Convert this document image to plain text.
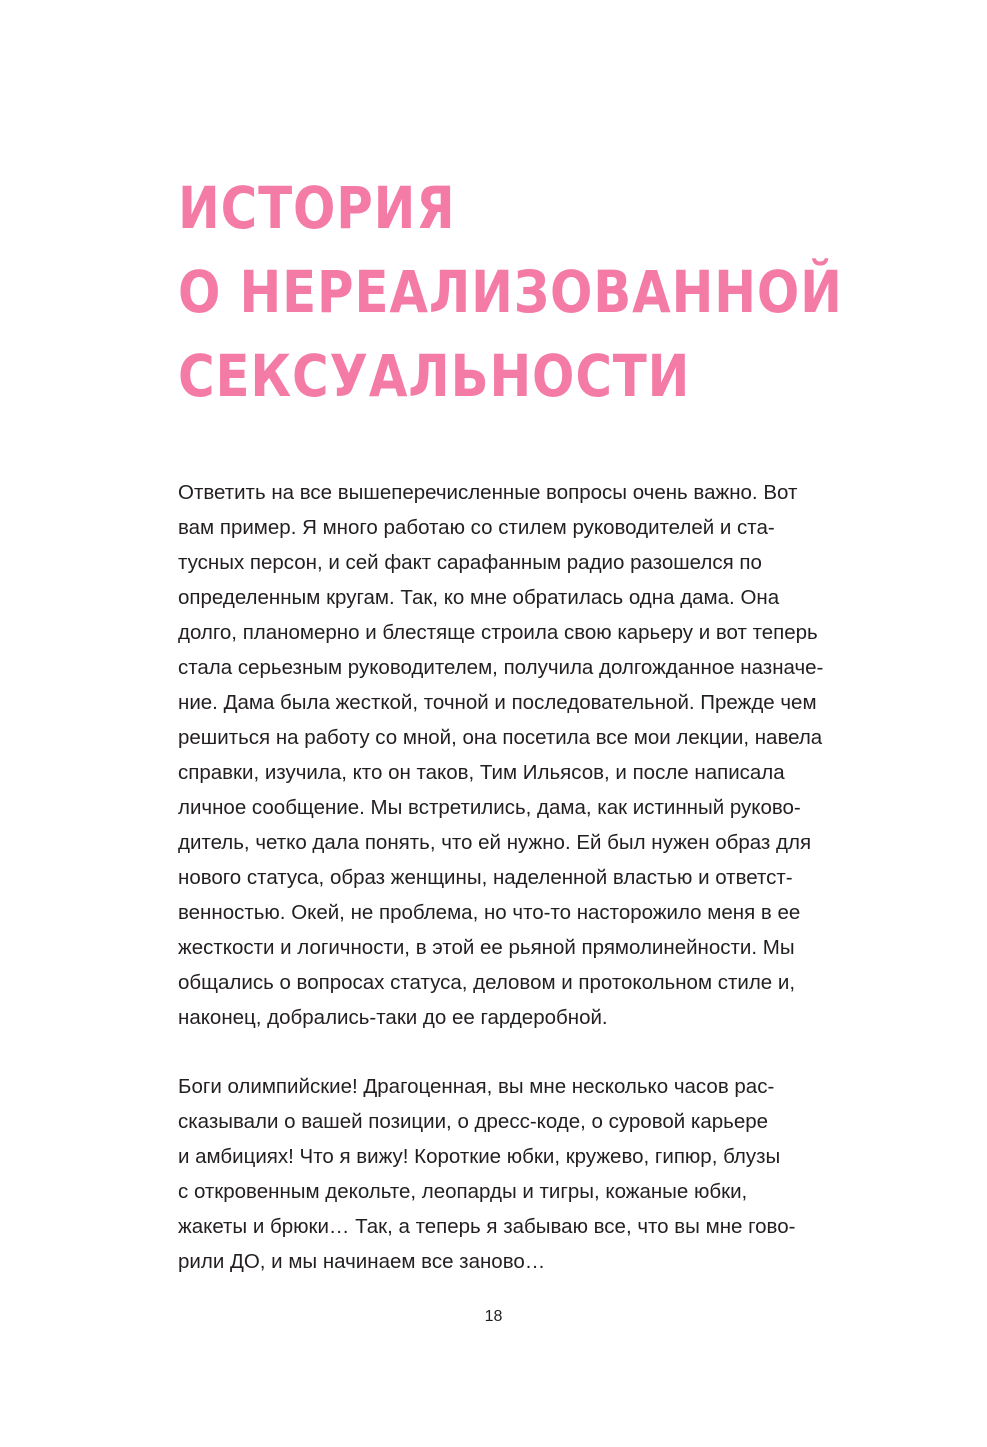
ИСТОРИЯ
О НЕРЕАЛИЗОВАННОЙ
СЕКСУАЛЬНОСТИ

Ответить на все вышеперечисленные вопросы очень важно. Вот
вам пример. Я много работаю со стилем руководителей и ста-
тусных персон, и сей факт сарафанным радио разошелся по
определенным кругам. Так, ко мне обратилась одна дама. Она
долго, планомерно и блестяще строила свою карьеру и вот теперь
стала серьезным руководителем, получила долгожданное назначе-
ние. Дама была жесткой, точной и последовательной. Прежде чем
решиться на работу со мной, она посетила все мои лекции, навела
справки, изучила, кто он таков, Тим Ильясов, и после написала
личное сообщение. Мы встретились, дама, как истинный руково-
дитель, четко дала понять, что ей нужно. Ей был нужен образ для
нового статуса, образ женщины, наделенной властью и ответст-
венностью. Окей, не проблема, но что-то насторожило меня в ее
жесткости и логичности, в этой ее рьяной прямолинейности. Мы
общались о вопросах статуса, деловом и протокольном стиле и,
наконец, добрались-таки до ее гардеробной.

Боги олимпийские! Драгоценная, вы мне несколько часов рас-
сказывали о вашей позиции, о дресс-коде, о суровой карьере
и амбициях! Что я вижу! Короткие юбки, кружево, гипюр, блузы
с откровенным декольте, леопарды и тигры, кожаные юбки,
жакеты и брюки… Так, а теперь я забываю все, что вы мне гово-
рили ДО, и мы начинаем все заново…

18
